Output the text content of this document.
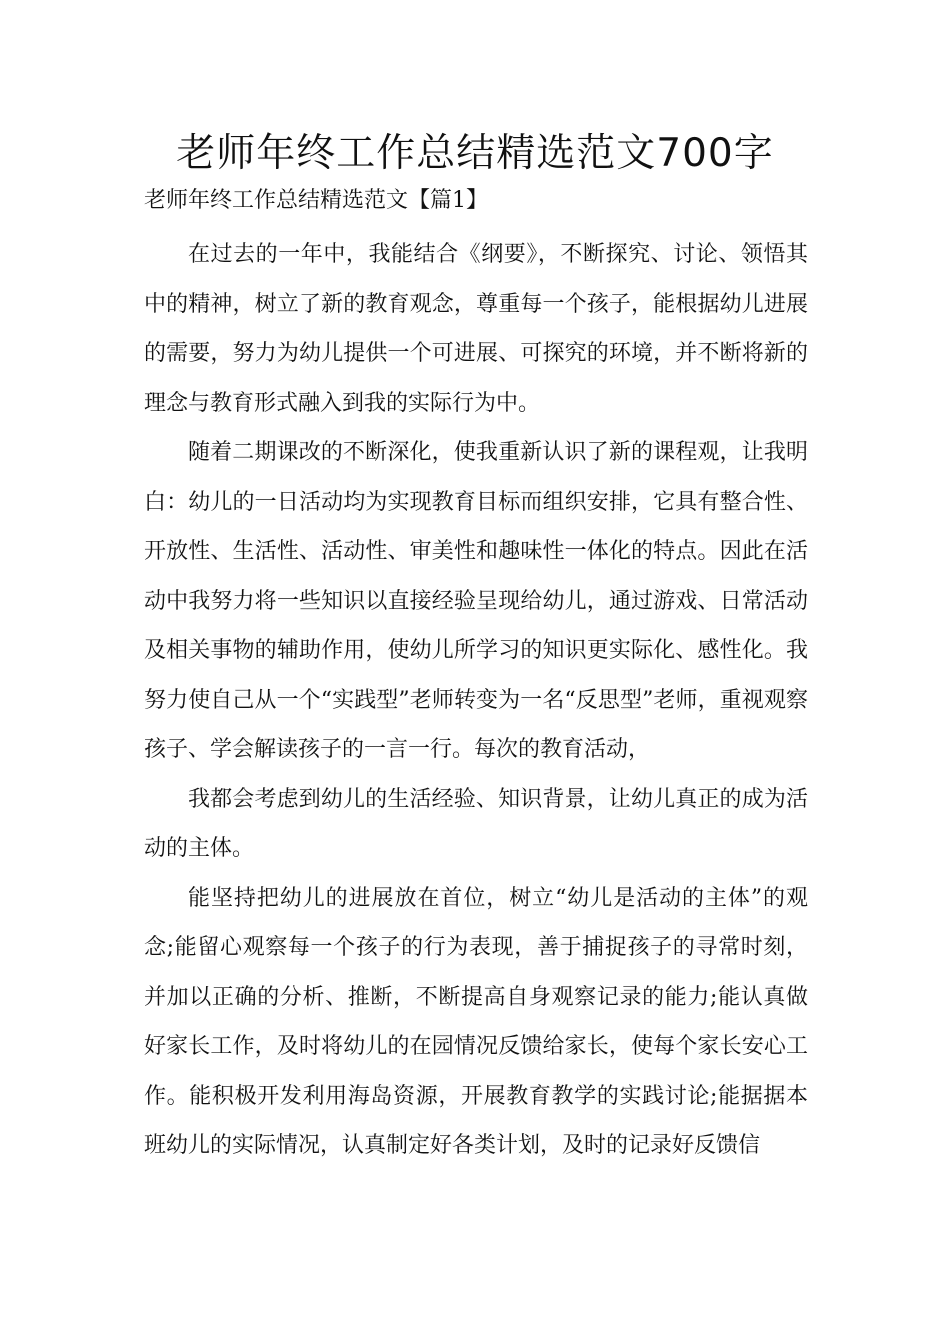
老师年终工作总结精选范文700字

老师年终工作总结精选范文【篇1】

在过去的一年中，我能结合《纲要》，不断探究、讨论、领悟其中的精神，树立了新的教育观念，尊重每一个孩子，能根据幼儿进展的需要，努力为幼儿提供一个可进展、可探究的环境，并不断将新的理念与教育形式融入到我的实际行为中。

随着二期课改的不断深化，使我重新认识了新的课程观，让我明白：幼儿的一日活动均为实现教育目标而组织安排，它具有整合性、开放性、生活性、活动性、审美性和趣味性一体化的特点。因此在活动中我努力将一些知识以直接经验呈现给幼儿，通过游戏、日常活动及相关事物的辅助作用，使幼儿所学习的知识更实际化、感性化。我努力使自己从一个“实践型”老师转变为一名“反思型”老师，重视观察孩子、学会解读孩子的一言一行。每次的教育活动，

我都会考虑到幼儿的生活经验、知识背景，让幼儿真正的成为活动的主体。

能坚持把幼儿的进展放在首位，树立“幼儿是活动的主体”的观念;能留心观察每一个孩子的行为表现，善于捕捉孩子的寻常时刻，并加以正确的分析、推断，不断提高自身观察记录的能力;能认真做好家长工作，及时将幼儿的在园情况反馈给家长，使每个家长安心工作。能积极开发利用海岛资源，开展教育教学的实践讨论;能据据本班幼儿的实际情况，认真制定好各类计划，及时的记录好反馈信
